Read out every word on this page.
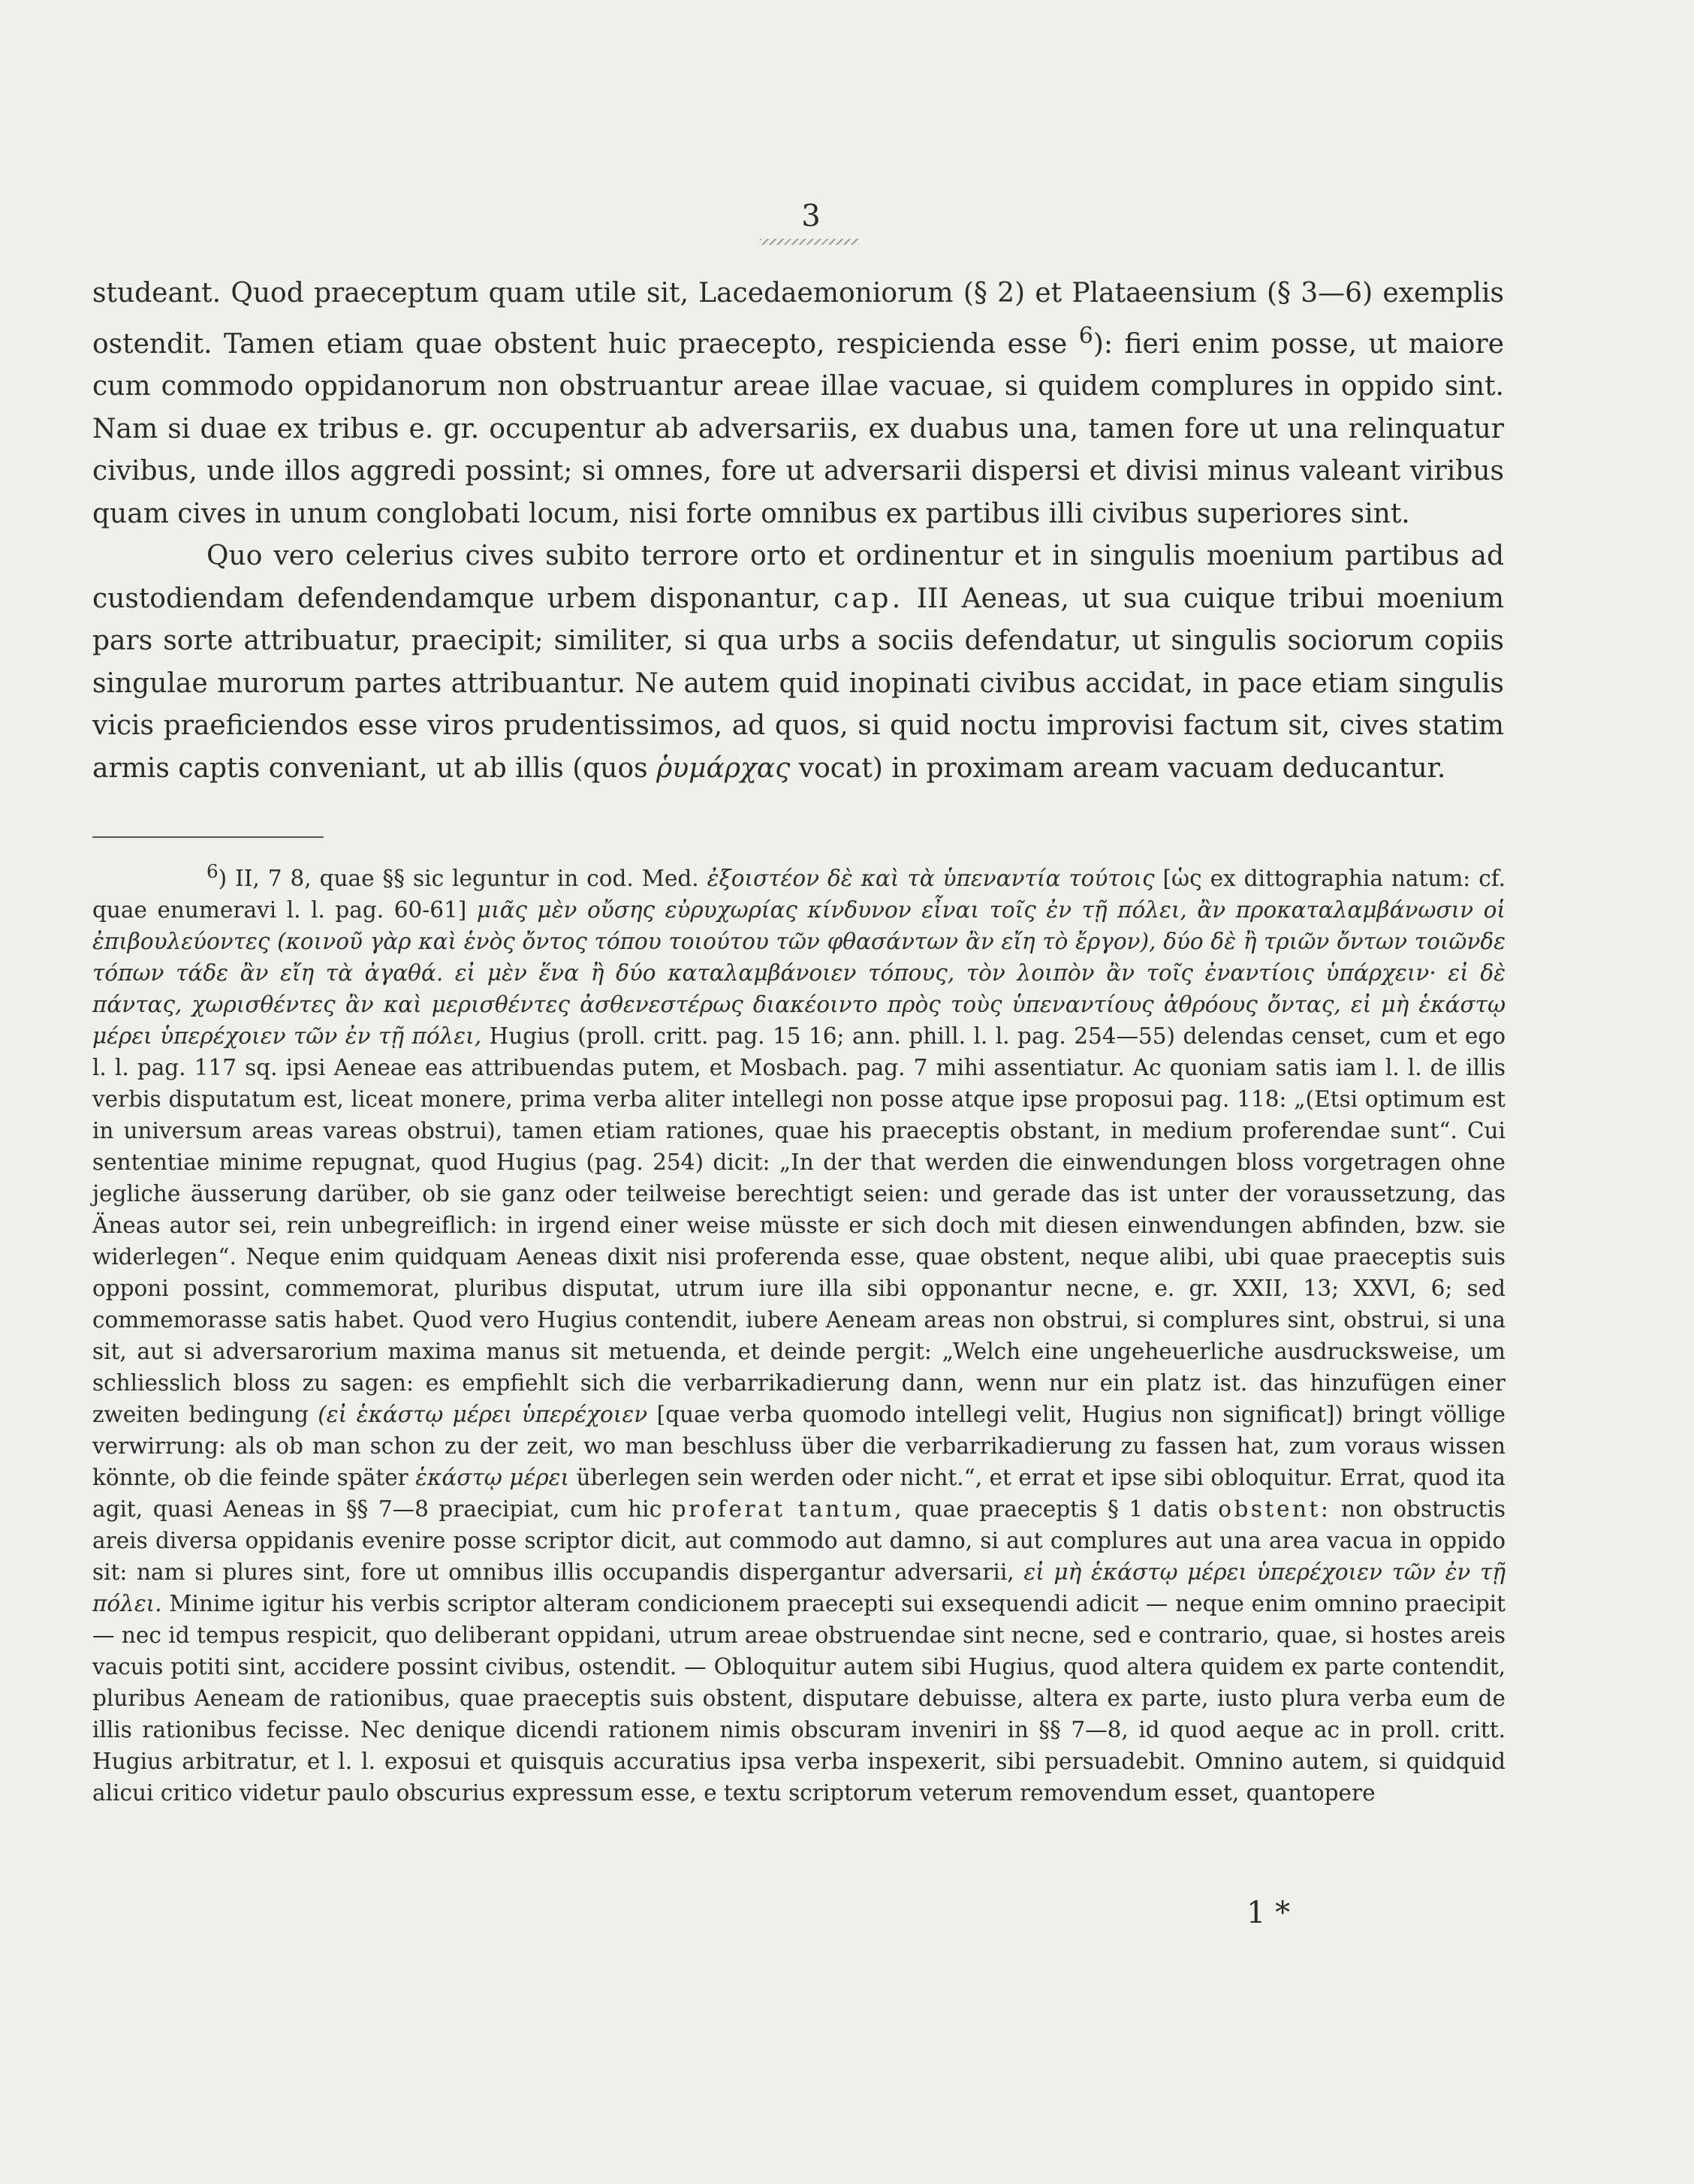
3

studeant. Quod praeceptum quam utile sit, Lacedaemoniorum (§ 2) et Plataeensium (§ 3—6) exemplis ostendit. Tamen etiam quae obstent huic praecepto, respicienda esse $^6$): fieri enim posse, ut maiore cum commodo oppidanorum non obstruantur areae illae vacuae, si quidem complures in oppido sint. Nam si duae ex tribus e. gr. occupentur ab adversariis, ex duabus una, tamen fore ut una relinquatur civibus, unde illos aggredi possint; si omnes, fore ut adversarii dispersi et divisi minus valeant viribus quam cives in unum conglobati locum, nisi forte omnibus ex partibus illi civibus superiores sint.

Quo vero celerius cives subito terrore orto et ordinentur et in singulis moenium partibus ad custodiendam defendendamque urbem disponantur, cap. III Aeneas, ut sua cuique tribui moenium pars sorte attribuatur, praecipit; similiter, si qua urbs a sociis defendatur, ut singulis sociorum copiis singulae murorum partes attribuantur. Ne autem quid inopinati civibus accidat, in pace etiam singulis vicis praeficiendos esse viros prudentissimos, ad quos, si quid noctu improvisi factum sit, cives statim armis captis conveniant, ut ab illis (quos ῥυμάρχας vocat) in proximam aream vacuam deducantur.

$^6$) II, 7 8, quae §§ sic leguntur in cod. Med. ἐξοιστέον δὲ καὶ τὰ ὑπεναντία τούτοις [ὡς ex dittographia natum: cf. quae enumeravi l. l. pag. 60-61] μιᾶς μὲν οὔσης εὐρυχωρίας κίνδυνον εἶναι τοῖς ἐν τῇ πόλει, ἂν προκαταλαμβάνωσιν οἱ ἐπιβουλεύοντες (κοινοῦ γὰρ καὶ ἑνὸς ὄντος τόπου τοιούτου τῶν φθασάντων ἂν εἴη τὸ ἔργον), δύο δὲ ἢ τριῶν ὄντων τοιῶνδε τόπων τάδε ἂν εἴη τὰ ἀγαθά. εἰ μὲν ἕνα ἢ δύο καταλαμβάνοιεν τόπους, τὸν λοιπὸν ἂν τοῖς ἐναντίοις ὑπάρχειν· εἰ δὲ πάντας, χωρισθέντες ἂν καὶ μερισθέντες ἀσθενεστέρως διακέοιντο πρὸς τοὺς ὑπεναντίους ἀθρόους ὄντας, εἰ μὴ ἑκάστῳ μέρει ὑπερέχοιεν τῶν ἐν τῇ πόλει, Hugius (proll. critt. pag. 15 16; ann. phill. l. l. pag. 254—55) delendas censet, cum et ego l. l. pag. 117 sq. ipsi Aeneae eas attribuendas putem, et Mosbach. pag. 7 mihi assentiatur. Ac quoniam satis iam l. l. de illis verbis disputatum est, liceat monere, prima verba aliter intellegi non posse atque ipse proposui pag. 118: „(Etsi optimum est in universum areas vareas obstrui), tamen etiam rationes, quae his praeceptis obstant, in medium proferendae sunt“. Cui sententiae minime repugnat, quod Hugius (pag. 254) dicit: „In der that werden die einwendungen bloss vorgetragen ohne jegliche äusserung darüber, ob sie ganz oder teilweise berechtigt seien: und gerade das ist unter der voraussetzung, das Äneas autor sei, rein unbegreiflich: in irgend einer weise müsste er sich doch mit diesen einwendungen abfinden, bzw. sie widerlegen“. Neque enim quidquam Aeneas dixit nisi proferenda esse, quae obstent, neque alibi, ubi quae praeceptis suis opponi possint, commemorat, pluribus disputat, utrum iure illa sibi opponantur necne, e. gr. XXII, 13; XXVI, 6; sed commemorasse satis habet. Quod vero Hugius contendit, iubere Aeneam areas non obstrui, si complures sint, obstrui, si una sit, aut si adversarorium maxima manus sit metuenda, et deinde pergit: „Welch eine ungeheuerliche ausdrucksweise, um schliesslich bloss zu sagen: es empfiehlt sich die verbarrikadierung dann, wenn nur ein platz ist. das hinzufügen einer zweiten bedingung (εἰ ἑκάστῳ μέρει ὑπερέχοιεν [quae verba quomodo intellegi velit, Hugius non significat]) bringt völlige verwirrung: als ob man schon zu der zeit, wo man beschluss über die verbarrikadierung zu fassen hat, zum voraus wissen könnte, ob die feinde später ἑκάστῳ μέρει überlegen sein werden oder nicht.“, et errat et ipse sibi obloquitur. Errat, quod ita agit, quasi Aeneas in §§ 7—8 praecipiat, cum hic proferat tantum, quae praeceptis § 1 datis obstent: non obstructis areis diversa oppidanis evenire posse scriptor dicit, aut commodo aut damno, si aut complures aut una area vacua in oppido sit: nam si plures sint, fore ut omnibus illis occupandis dispergantur adversarii, εἰ μὴ ἑκάστῳ μέρει ὑπερέχοιεν τῶν ἐν τῇ πόλει. Minime igitur his verbis scriptor alteram condicionem praecepti sui exsequendi adicit — neque enim omnino praecipit — nec id tempus respicit, quo deliberant oppidani, utrum areae obstruendae sint necne, sed e contrario, quae, si hostes areis vacuis potiti sint, accidere possint civibus, ostendit. — Obloquitur autem sibi Hugius, quod altera quidem ex parte contendit, pluribus Aeneam de rationibus, quae praeceptis suis obstent, disputare debuisse, altera ex parte, iusto plura verba eum de illis rationibus fecisse. Nec denique dicendi rationem nimis obscuram inveniri in §§ 7—8, id quod aeque ac in proll. critt. Hugius arbitratur, et l. l. exposui et quisquis accuratius ipsa verba inspexerit, sibi persuadebit. Omnino autem, si quidquid alicui critico videtur paulo obscurius expressum esse, e textu scriptorum veterum removendum esset, quantopere

1 *
